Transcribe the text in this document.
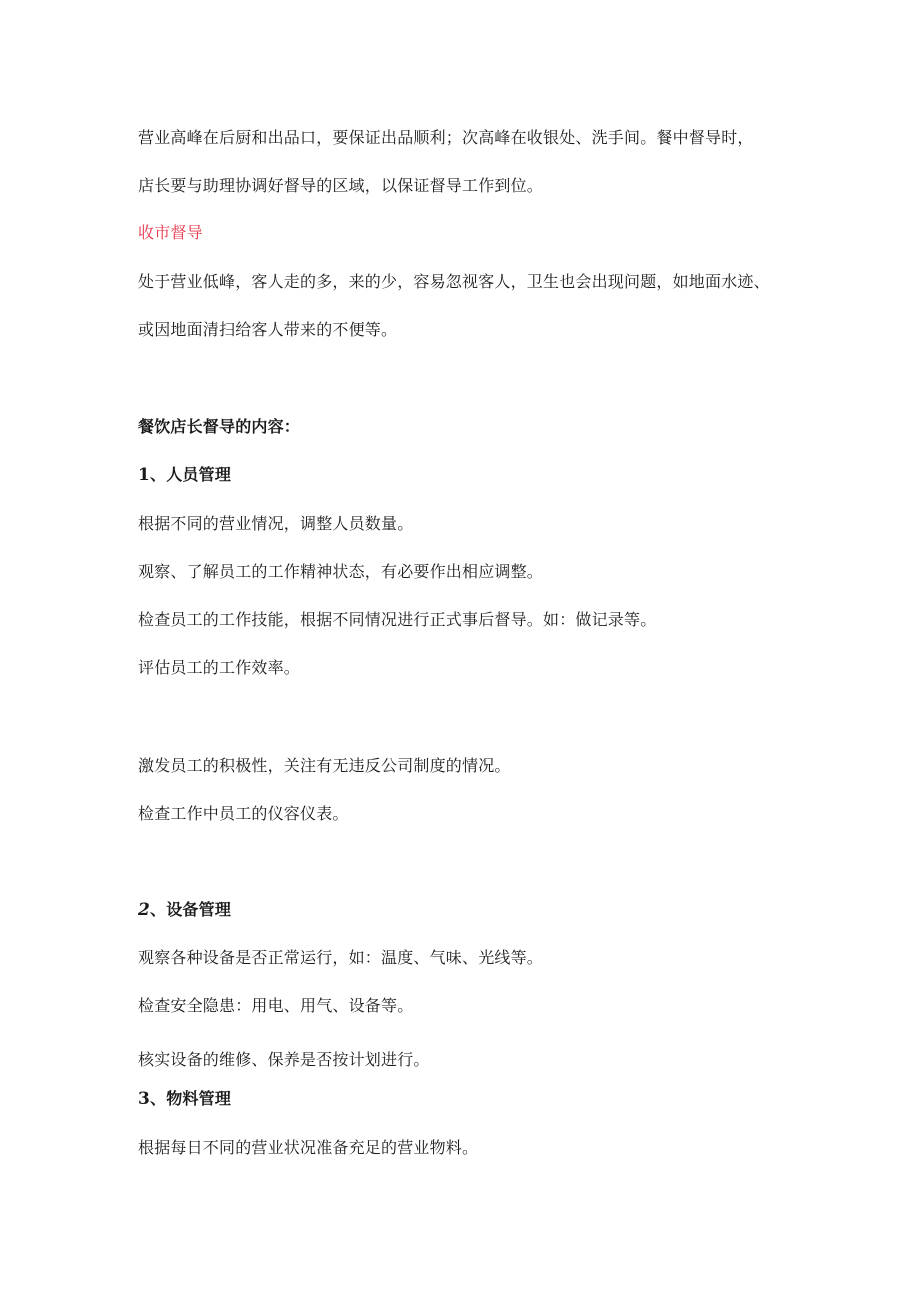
营业高峰在后厨和出品口，要保证出品顺利；次高峰在收银处、洗手间。餐中督导时，
店长要与助理协调好督导的区域，以保证督导工作到位。
收市督导
处于营业低峰，客人走的多，来的少，容易忽视客人，卫生也会出现问题，如地面水迹、
或因地面清扫给客人带来的不便等。
餐饮店长督导的内容：
1、人员管理
根据不同的营业情况，调整人员数量。
观察、了解员工的工作精神状态，有必要作出相应调整。
检查员工的工作技能，根据不同情况进行正式事后督导。如：做记录等。
评估员工的工作效率。
激发员工的积极性，关注有无违反公司制度的情况。
检查工作中员工的仪容仪表。
2、设备管理
观察各种设备是否正常运行，如：温度、气味、光线等。
检查安全隐患：用电、用气、设备等。
核实设备的维修、保养是否按计划进行。
3、物料管理
根据每日不同的营业状况准备充足的营业物料。
